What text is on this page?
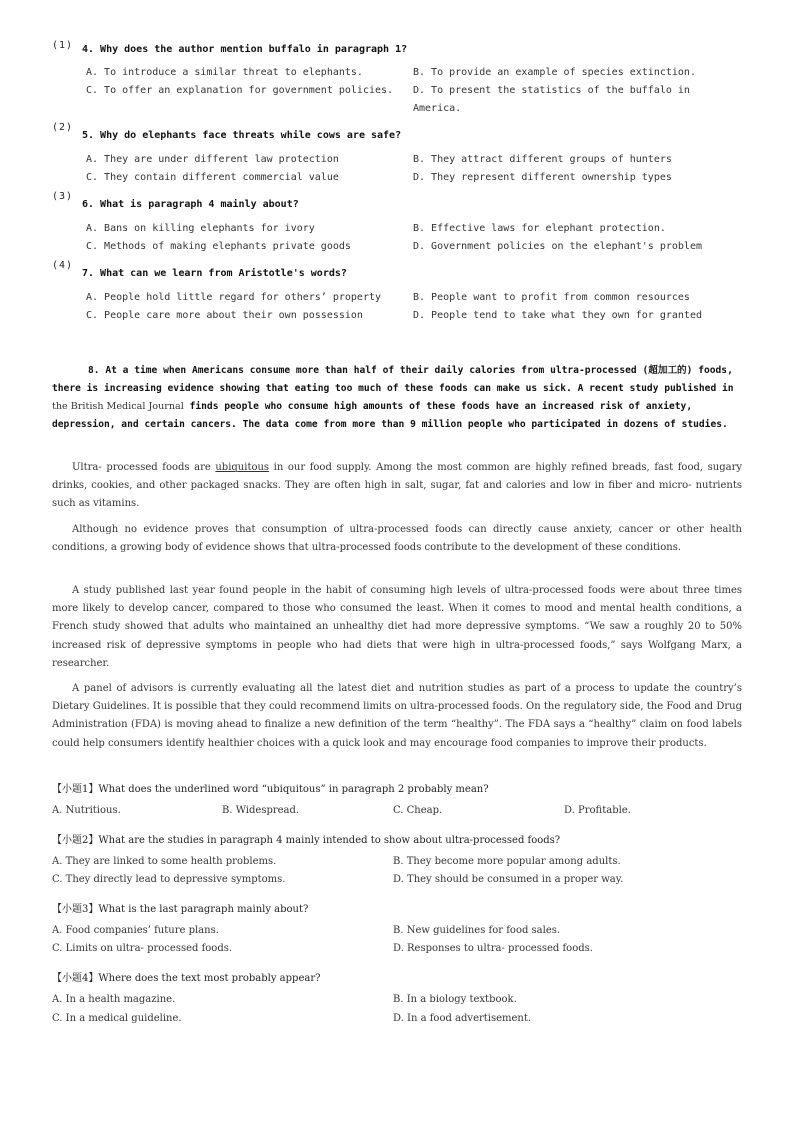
(1) 4. Why does the author mention buffalo in paragraph 1?
A. To introduce a similar threat to elephants.	B. To provide an example of species extinction.
C. To offer an explanation for government policies. D. To present the statistics of the buffalo in America.
(2)
5. Why do elephants face threats while cows are safe?
A. They are under different law protection	B. They attract different groups of hunters
C. They contain different commercial value	D. They represent different ownership types
(3)
6. What is paragraph 4 mainly about?
A. Bans on killing elephants for ivory	B. Effective laws for elephant protection.
C. Methods of making elephants private goods	D. Government policies on the elephant's problem
(4)
7. What can we learn from Aristotle's words?
A. People hold little regard for others’ property	B. People want to profit from common resources
C. People care more about their own possession	D. People tend to take what they own for granted
8. At a time when Americans consume more than half of their daily calories from ultra-processed (超加工的) foods, there is increasing evidence showing that eating too much of these foods can make us sick. A recent study published in the British Medical Journal finds people who consume high amounts of these foods have an increased risk of anxiety, depression, and certain cancers. The data come from more than 9 million people who participated in dozens of studies.
Ultra- processed foods are ubiquitous in our food supply. Among the most common are highly refined breads, fast food, sugary drinks, cookies, and other packaged snacks. They are often high in salt, sugar, fat and calories and low in fiber and micro- nutrients such as vitamins.
Although no evidence proves that consumption of ultra-processed foods can directly cause anxiety, cancer or other health conditions, a growing body of evidence shows that ultra-processed foods contribute to the development of these conditions.
A study published last year found people in the habit of consuming high levels of ultra-processed foods were about three times more likely to develop cancer, compared to those who consumed the least. When it comes to mood and mental health conditions, a French study showed that adults who maintained an unhealthy diet had more depressive symptoms. “We saw a roughly 20 to 50% increased risk of depressive symptoms in people who had diets that were high in ultra-processed foods,” says Wolfgang Marx, a researcher.
A panel of advisors is currently evaluating all the latest diet and nutrition studies as part of a process to update the country’s Dietary Guidelines. It is possible that they could recommend limits on ultra-processed foods. On the regulatory side, the Food and Drug Administration (FDA) is moving ahead to finalize a new definition of the term “healthy”. The FDA says a “healthy” claim on food labels could help consumers identify healthier choices with a quick look and may encourage food companies to improve their products.
【小题1】What does the underlined word “ubiquitous” in paragraph 2 probably mean?
A. Nutritious.	B. Widespread.	C. Cheap.	D. Profitable.
【小题2】What are the studies in paragraph 4 mainly intended to show about ultra-processed foods?
A. They are linked to some health problems.	B. They become more popular among adults.
C. They directly lead to depressive symptoms.	D. They should be consumed in a proper way.
【小题3】What is the last paragraph mainly about?
A. Food companies’ future plans.	B. New guidelines for food sales.
C. Limits on ultra- processed foods.	D. Responses to ultra- processed foods.
【小题4】Where does the text most probably appear?
A. In a health magazine.	B. In a biology textbook.
C. In a medical guideline.	D. In a food advertisement.
